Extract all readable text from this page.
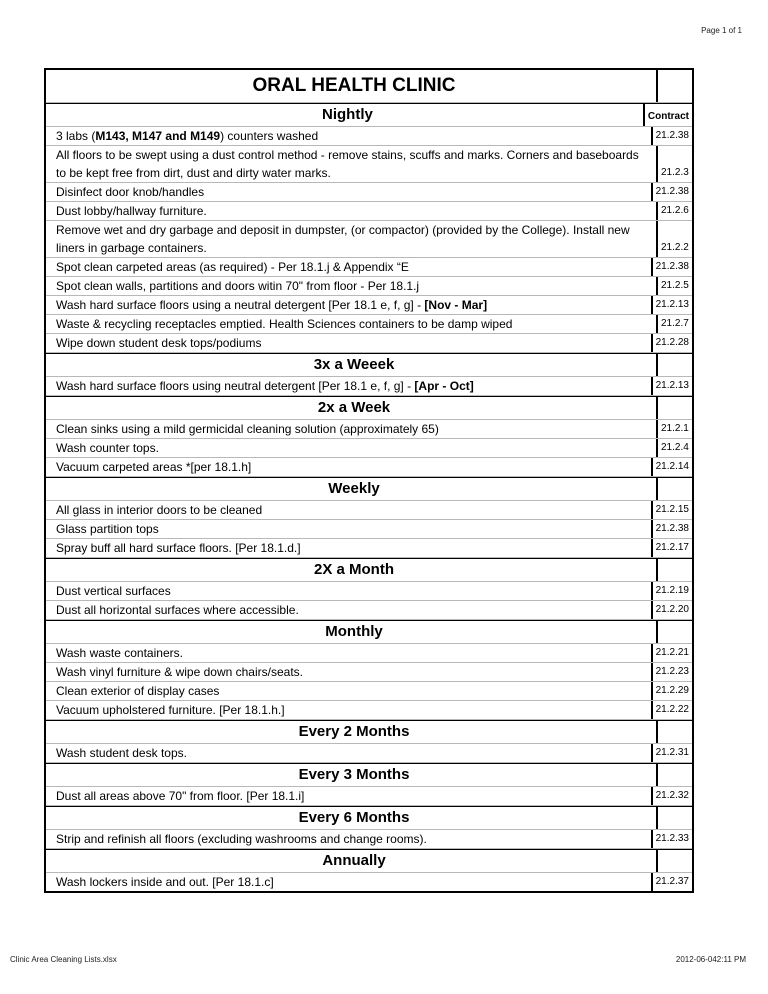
Page 1 of 1
ORAL HEALTH CLINIC
Nightly	Contract
3 labs (M143, M147 and M149) counters washed	21.2.38
All floors to be swept using a dust control method - remove stains, scuffs and marks. Corners and baseboards to be kept free from dirt, dust and dirty water marks.	21.2.3
Disinfect door knob/handles	21.2.38
Dust lobby/hallway furniture.	21.2.6
Remove wet and dry garbage and deposit in dumpster, (or compactor) (provided by the College). Install new liners in garbage containers.	21.2.2
Spot clean carpeted areas (as required) - Per 18.1.j & Appendix “E	21.2.38
Spot clean walls, partitions and doors witin 70" from floor - Per 18.1.j	21.2.5
Wash hard surface floors using a neutral detergent [Per 18.1 e, f, g] - [Nov - Mar]	21.2.13
Waste & recycling receptacles emptied. Health Sciences containers to be damp wiped	21.2.7
Wipe down student desk tops/podiums	21.2.28
3x a Weeek
Wash hard surface floors using neutral detergent [Per 18.1 e, f, g] - [Apr - Oct]	21.2.13
2x a Week
Clean sinks using a mild germicidal cleaning solution (approximately 65)	21.2.1
Wash counter tops.	21.2.4
Vacuum carpeted areas *[per 18.1.h]	21.2.14
Weekly
All glass in interior doors to be cleaned	21.2.15
Glass partition tops	21.2.38
Spray buff all hard surface floors. [Per 18.1.d.]	21.2.17
2X a Month
Dust vertical surfaces	21.2.19
Dust all horizontal surfaces where accessible.	21.2.20
Monthly
Wash waste containers.	21.2.21
Wash vinyl furniture & wipe down chairs/seats.	21.2.23
Clean exterior of display cases	21.2.29
Vacuum upholstered furniture. [Per 18.1.h.]	21.2.22
Every 2 Months
Wash student desk tops.	21.2.31
Every 3 Months
Dust all areas above 70" from floor. [Per 18.1.i]	21.2.32
Every 6 Months
Strip and refinish all floors (excluding washrooms and change rooms).	21.2.33
Annually
Wash lockers inside and out. [Per 18.1.c]	21.2.37
Clinic Area Cleaning Lists.xlsx	2012-06-042:11 PM
